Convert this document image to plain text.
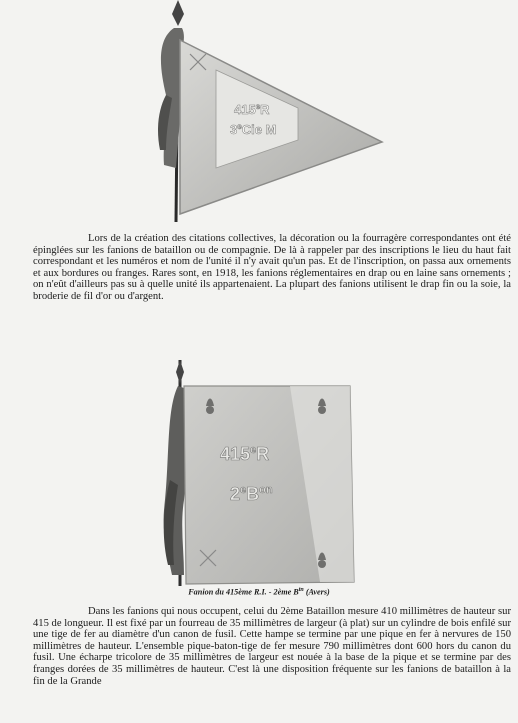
415eR
3eCie M

Lors de la création des citations collectives, la décoration ou la fourragère correspondantes ont été épinglées sur les fanions de bataillon ou de compagnie. De là à rappeler par des inscriptions le lieu du haut fait correspondant et les numéros et nom de l'unité il n'y avait qu'un pas. Et de l'inscription, on passa aux ornements et aux bordures ou franges. Rares sont, en 1918, les fanions réglementaires en drap ou en laine sans ornements ; on n'eût d'ailleurs pas su à quelle unité ils appartenaient. La plupart des fanions utilisent le drap fin ou la soie, la broderie de fil d'or ou d'argent.

415eR
$2eB^{on}$
Fanion du 415ème R.I. - 2ème $B^{tn}$ (Avers)

Dans les fanions qui nous occupent, celui du 2ème Bataillon mesure 410 millimètres de hauteur sur 415 de longueur. Il est fixé par un fourreau de 35 millimètres de largeur (à plat) sur un cylindre de bois enfilé sur une tige de fer au diamètre d'un canon de fusil. Cette hampe se termine par une pique en fer à nervures de 150 millimètres de hauteur. L'ensemble pique-baton-tige de fer mesure 790 millimètres dont 600 hors du canon du fusil. Une écharpe tricolore de 35 millimètres de largeur est nouée à la base de la pique et se termine par des franges dorées de 35 millimètres de hauteur. C'est là une disposition fréquente sur les fanions de bataillon à la fin de la Grande
